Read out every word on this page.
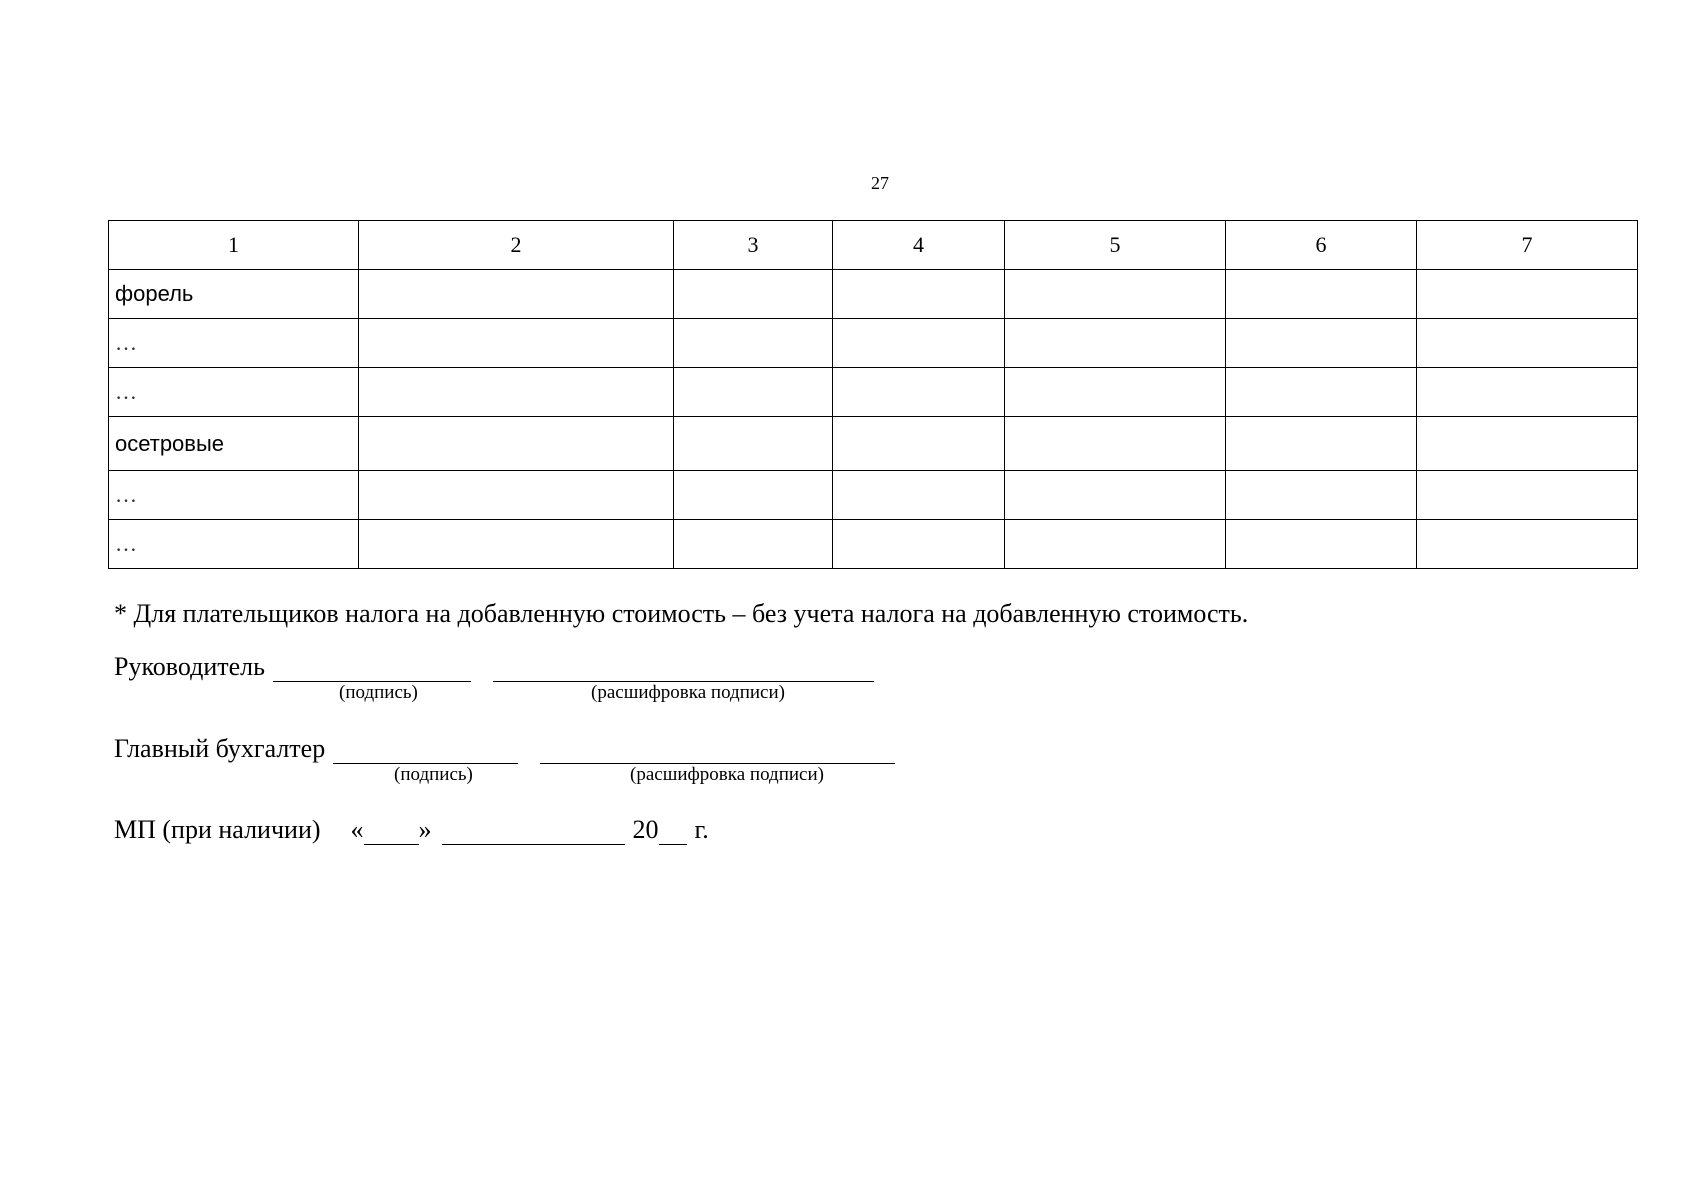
27
1	2	3	4	5	6	7
форель						
…						
…						
осетровые						
…						
…						
* Для плательщиков налога на добавленную стоимость – без учета налога на добавленную стоимость.
Руководитель
(подпись)	(расшифровка подписи)
Главный бухгалтер
(подпись)	(расшифровка подписи)
МП (при наличии) « »	20 г.
